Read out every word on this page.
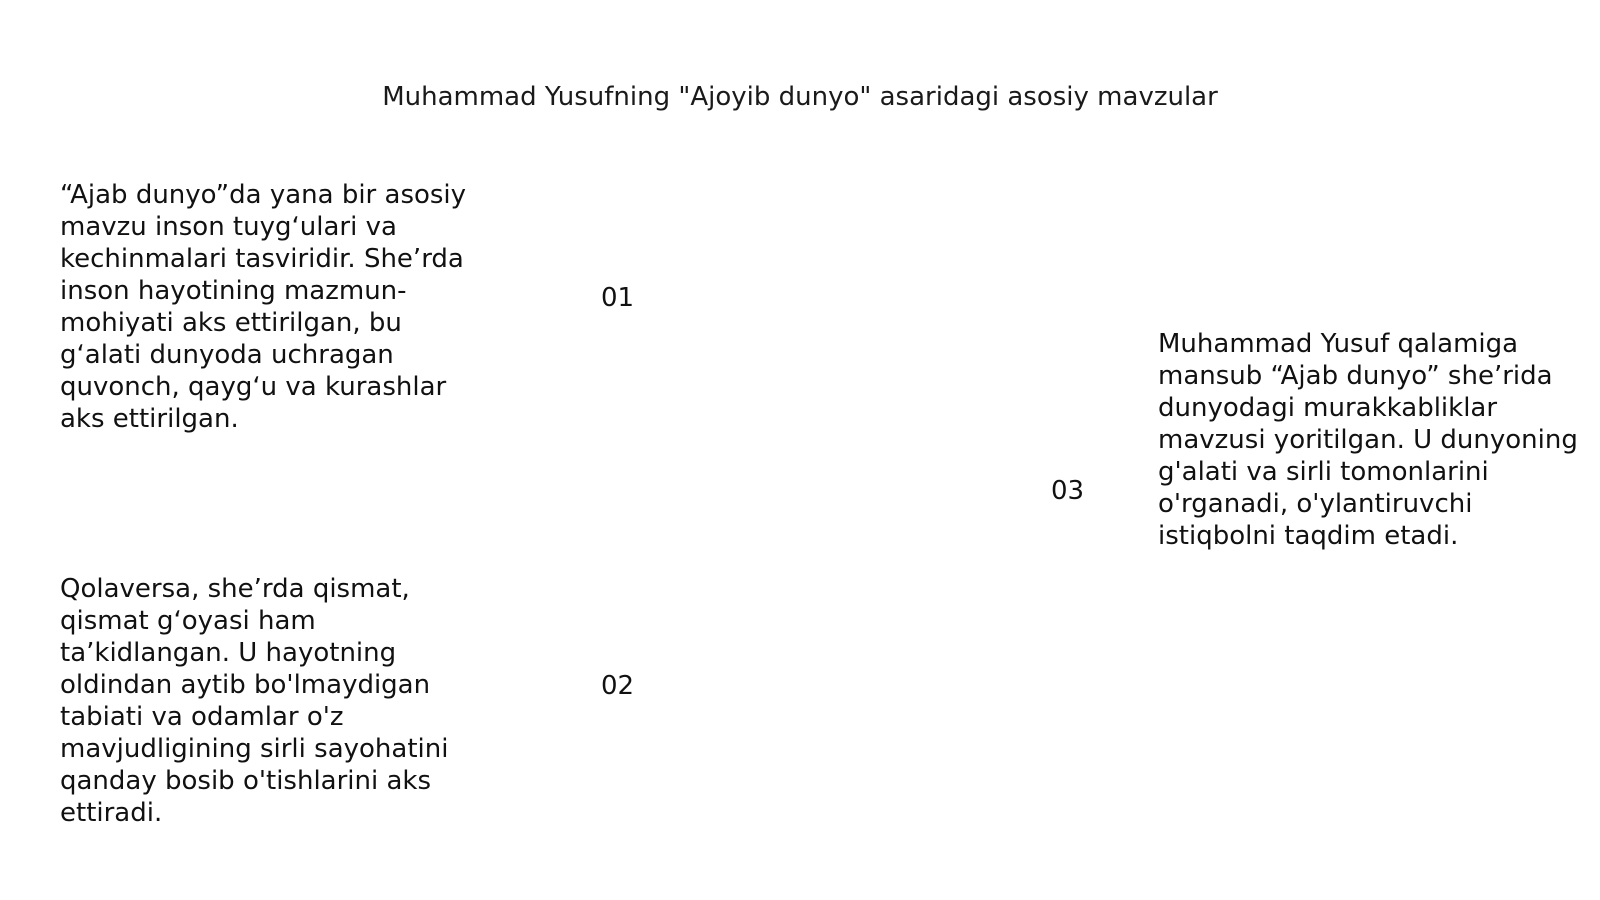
Muhammad Yusufning "Ajoyib dunyo" asaridagi asosiy mavzular
“Ajab dunyo”da yana bir asosiy mavzu inson tuygʻulari va kechinmalari tasviridir. She’rda inson hayotining mazmun-mohiyati aks ettirilgan, bu gʻalati dunyoda uchragan quvonch, qaygʻu va kurashlar aks ettirilgan.
01
Qolaversa, she’rda qismat, qismat gʻoyasi ham ta’kidlangan. U hayotning oldindan aytib bo'lmaydigan tabiati va odamlar o'z mavjudligining sirli sayohatini qanday bosib o'tishlarini aks ettiradi.
02
03
Muhammad Yusuf qalamiga mansub “Ajab dunyo” she’rida dunyodagi murakkabliklar mavzusi yoritilgan. U dunyoning g'alati va sirli tomonlarini o'rganadi, o'ylantiruvchi istiqbolni taqdim etadi.
